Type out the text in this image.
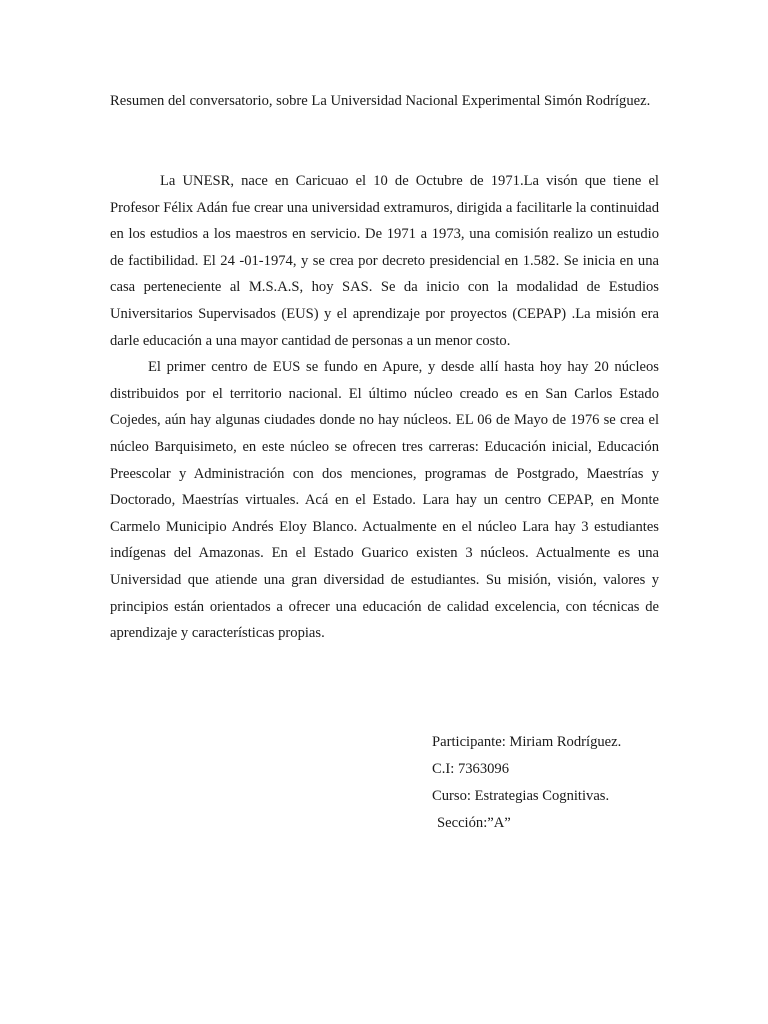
Resumen del conversatorio, sobre La Universidad Nacional Experimental Simón Rodríguez.

La UNESR, nace en Caricuao el 10 de Octubre de 1971.La visón que tiene el Profesor Félix Adán fue crear una universidad extramuros, dirigida a facilitarle la continuidad en los estudios a los maestros en servicio. De 1971 a 1973, una comisión realizo un estudio de factibilidad. El 24 -01-1974, y se crea por decreto presidencial en 1.582. Se inicia en una casa perteneciente al M.S.A.S, hoy SAS. Se da inicio con la modalidad de Estudios Universitarios Supervisados (EUS) y el aprendizaje por proyectos (CEPAP) .La misión era darle educación a una mayor cantidad de personas a un menor costo.

El primer centro de EUS se fundo en Apure, y desde allí hasta hoy hay 20 núcleos distribuidos por el territorio nacional. El último núcleo creado es en San Carlos Estado Cojedes, aún hay algunas ciudades donde no hay núcleos. EL 06 de Mayo de 1976 se crea el núcleo Barquisimeto, en este núcleo se ofrecen tres carreras: Educación inicial, Educación Preescolar y Administración con dos menciones, programas de Postgrado, Maestrías y Doctorado, Maestrías virtuales. Acá en el Estado. Lara hay un centro CEPAP, en Monte Carmelo Municipio Andrés Eloy Blanco. Actualmente en el núcleo Lara hay 3 estudiantes indígenas del Amazonas. En el Estado Guarico existen 3 núcleos. Actualmente es una Universidad que atiende una gran diversidad de estudiantes. Su misión, visión, valores y principios están orientados a ofrecer una educación de calidad excelencia, con técnicas de aprendizaje y características propias.

Participante: Miriam Rodríguez.
C.I: 7363096
Curso: Estrategias Cognitivas.
Sección:”A”
